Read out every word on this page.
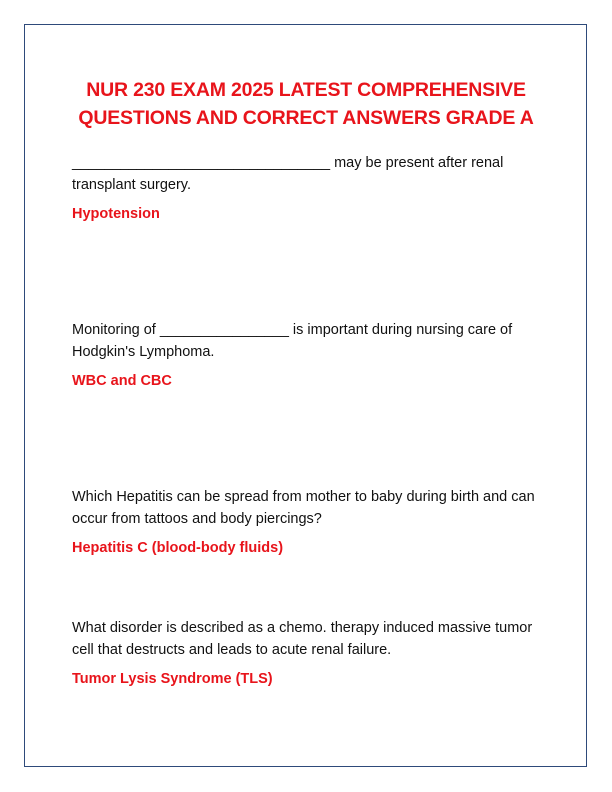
NUR 230 EXAM 2025 LATEST COMPREHENSIVE
QUESTIONS AND CORRECT ANSWERS GRADE A

________________________________ may be present after renal transplant surgery.

Hypotension

Monitoring of ________________ is important during nursing care of Hodgkin's Lymphoma.

WBC and CBC

Which Hepatitis can be spread from mother to baby during birth and can occur from tattoos and body piercings?

Hepatitis C (blood-body fluids)

What disorder is described as a chemo. therapy induced massive tumor cell that destructs and leads to acute renal failure.

Tumor Lysis Syndrome (TLS)
